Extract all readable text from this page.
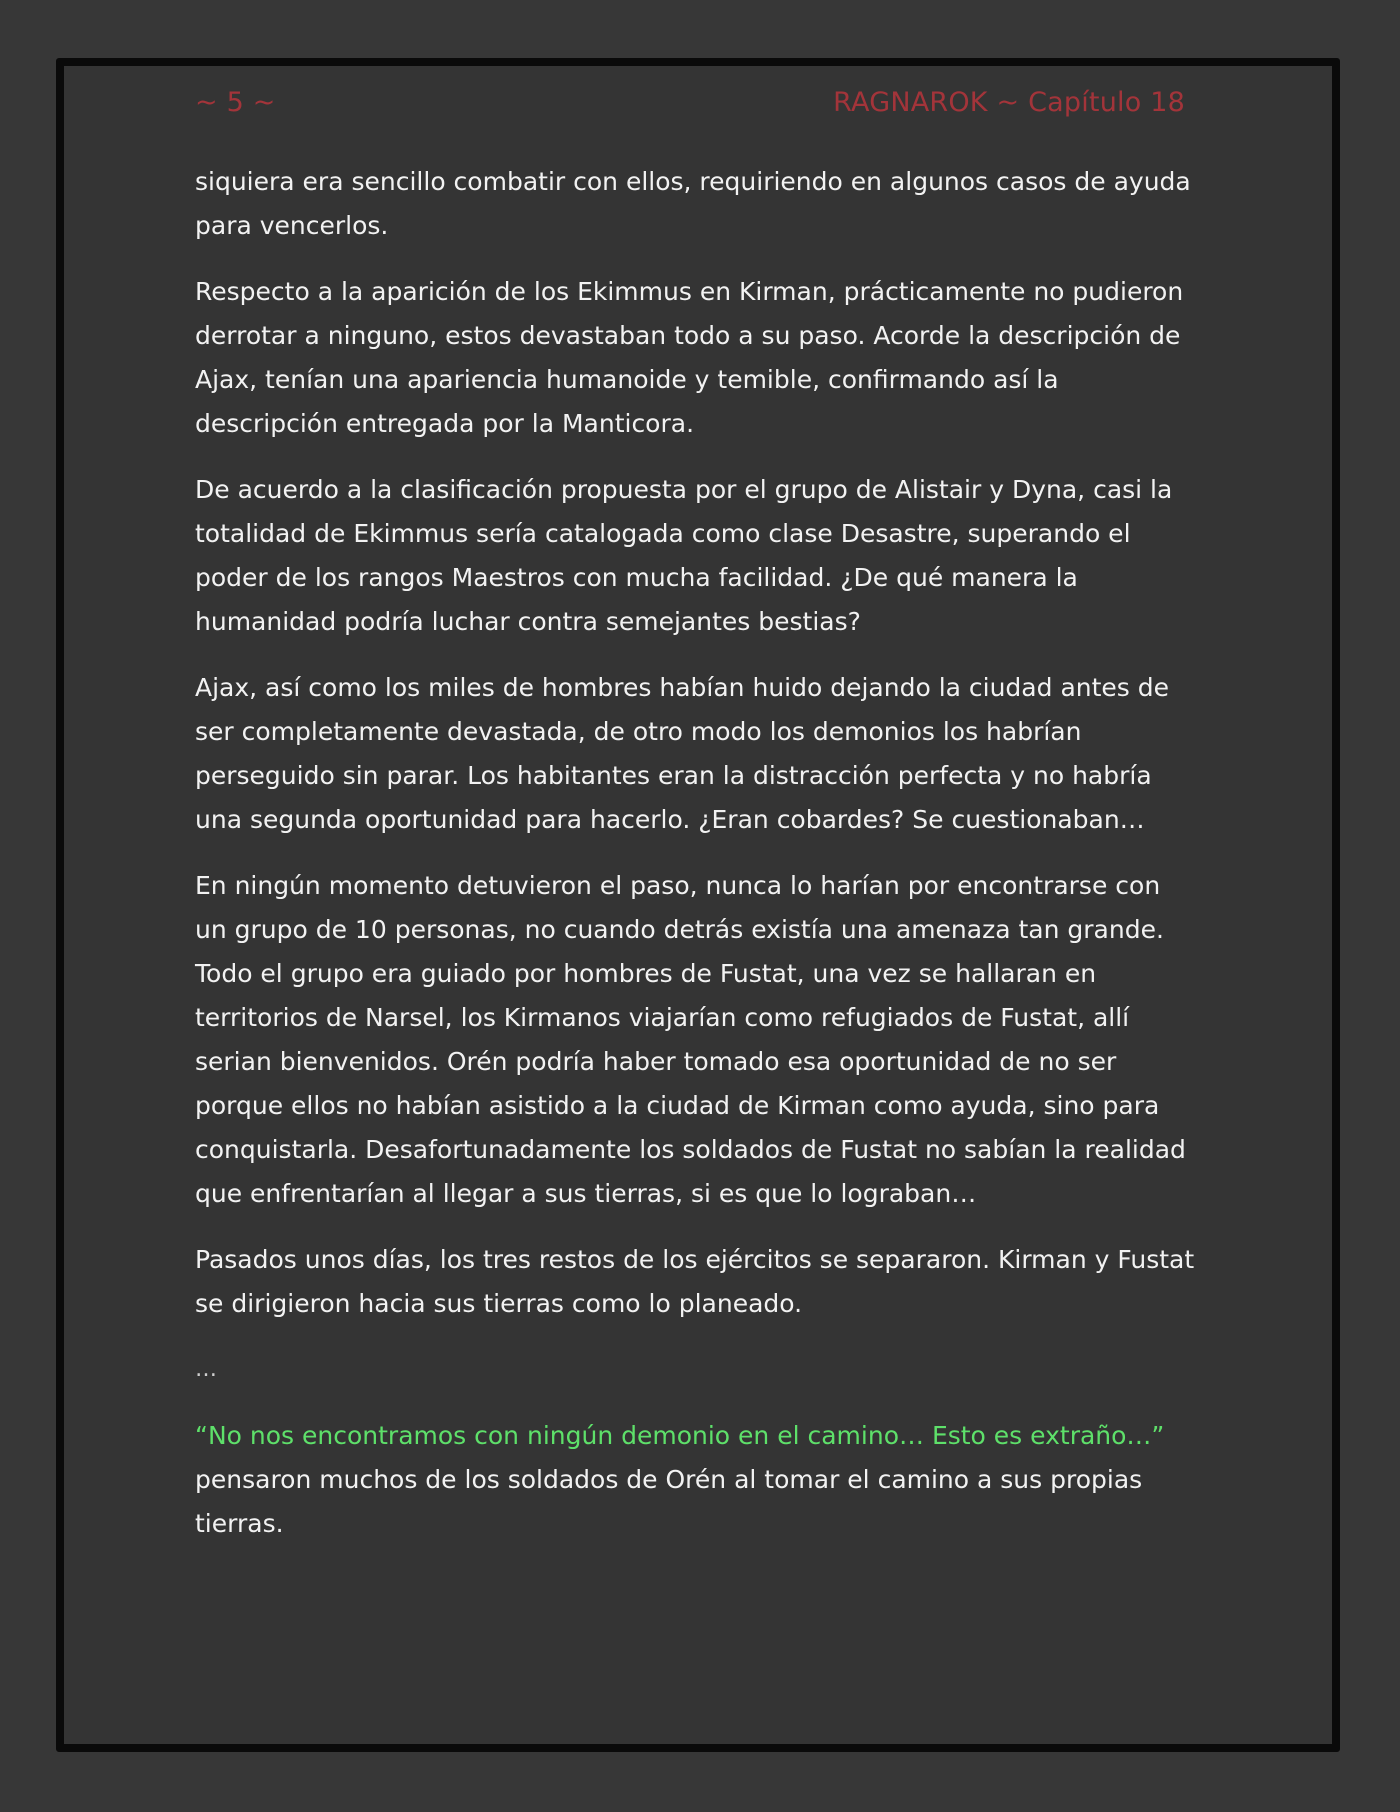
~ 5 ~	RAGNAROK ~ Capítulo 18

siquiera era sencillo combatir con ellos, requiriendo en algunos casos de ayuda para vencerlos.

Respecto a la aparición de los Ekimmus en Kirman, prácticamente no pudieron derrotar a ninguno, estos devastaban todo a su paso. Acorde la descripción de Ajax, tenían una apariencia humanoide y temible, confirmando así la descripción entregada por la Manticora.

De acuerdo a la clasificación propuesta por el grupo de Alistair y Dyna, casi la totalidad de Ekimmus sería catalogada como clase Desastre, superando el poder de los rangos Maestros con mucha facilidad. ¿De qué manera la humanidad podría luchar contra semejantes bestias?

Ajax, así como los miles de hombres habían huido dejando la ciudad antes de ser completamente devastada, de otro modo los demonios los habrían perseguido sin parar. Los habitantes eran la distracción perfecta y no habría una segunda oportunidad para hacerlo. ¿Eran cobardes? Se cuestionaban…

En ningún momento detuvieron el paso, nunca lo harían por encontrarse con un grupo de 10 personas, no cuando detrás existía una amenaza tan grande. Todo el grupo era guiado por hombres de Fustat, una vez se hallaran en territorios de Narsel, los Kirmanos viajarían como refugiados de Fustat, allí serian bienvenidos. Orén podría haber tomado esa oportunidad de no ser porque ellos no habían asistido a la ciudad de Kirman como ayuda, sino para conquistarla. Desafortunadamente los soldados de Fustat no sabían la realidad que enfrentarían al llegar a sus tierras, si es que lo lograban…

Pasados unos días, los tres restos de los ejércitos se separaron. Kirman y Fustat se dirigieron hacia sus tierras como lo planeado.

…

“No nos encontramos con ningún demonio en el camino… Esto es extraño…” pensaron muchos de los soldados de Orén al tomar el camino a sus propias tierras.
